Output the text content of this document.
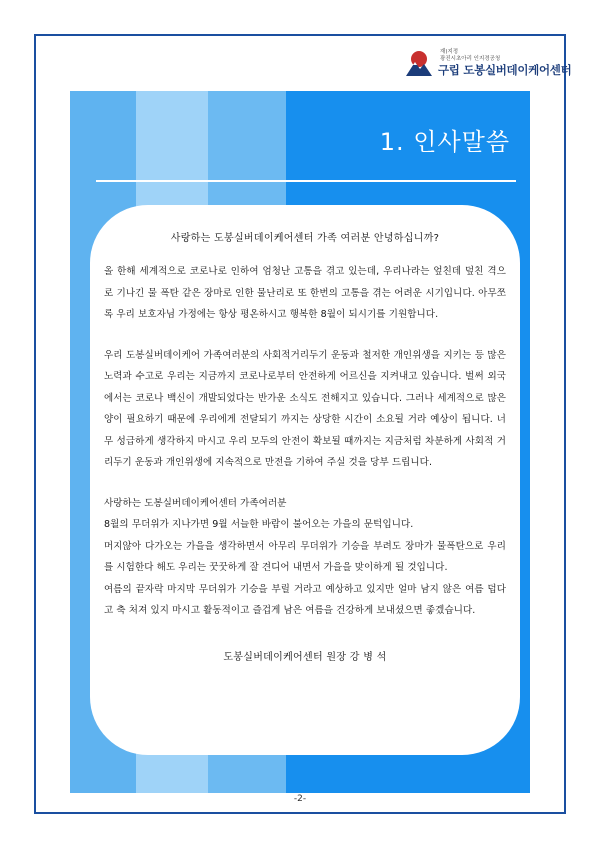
재)지정
광진시초아리 인지경공청
구립 도봉실버데이케어센터
1. 인사말씀

사랑하는 도봉실버데이케어센터 가족 여러분 안녕하십니까?

올 한해 세계적으로 코로나로 인하여 엄청난 고통을 겪고 있는데, 우리나라는 엎친데 덮친 격으로 기나긴 물 폭탄 같은 장마로 인한 물난리로 또 한번의 고통을 겪는 어려운 시기입니다. 아무쪼록 우리 보호자님 가정에는 항상 평온하시고 행복한 8월이 되시기를 기원합니다.

우리 도봉실버데이케어 가족여러분의 사회적거리두기 운동과 철저한 개인위생을 지키는 등 많은 노력과 수고로 우리는 지금까지 코로나로부터 안전하게 어르신을 지켜내고 있습니다. 벌써 외국에서는 코로나 백신이 개발되었다는 반가운 소식도 전해지고 있습니다. 그러나 세계적으로 많은 양이 필요하기 때문에 우리에게 전달되기 까지는 상당한 시간이 소요될 거라 예상이 됩니다. 너무 성급하게 생각하지 마시고 우리 모두의 안전이 확보될 때까지는 지금처럼 차분하게 사회적 거리두기 운동과 개인위생에 지속적으로 만전을 기하여 주실 것을 당부 드립니다.

사랑하는 도봉실버데이케어센터 가족여러분

8월의 무더위가 지나가면 9월 서늘한 바람이 불어오는 가을의 문턱입니다.

머지않아 다가오는 가을을 생각하면서 아무리 무더위가 기승을 부려도 장마가 물폭탄으로 우리를 시험한다 해도 우리는 꿋꿋하게 잘 견디어 내면서 가을을 맞이하게 될 것입니다.

여름의 끝자락 마지막 무더위가 기승을 부릴 거라고 예상하고 있지만 얼마 남지 않은 여름 덥다고 축 처져 있지 마시고 활동적이고 즐겁게 남은 여름을 건강하게 보내셨으면 좋겠습니다.

도봉실버데이케어센터 원장 강 병 석

-2-
